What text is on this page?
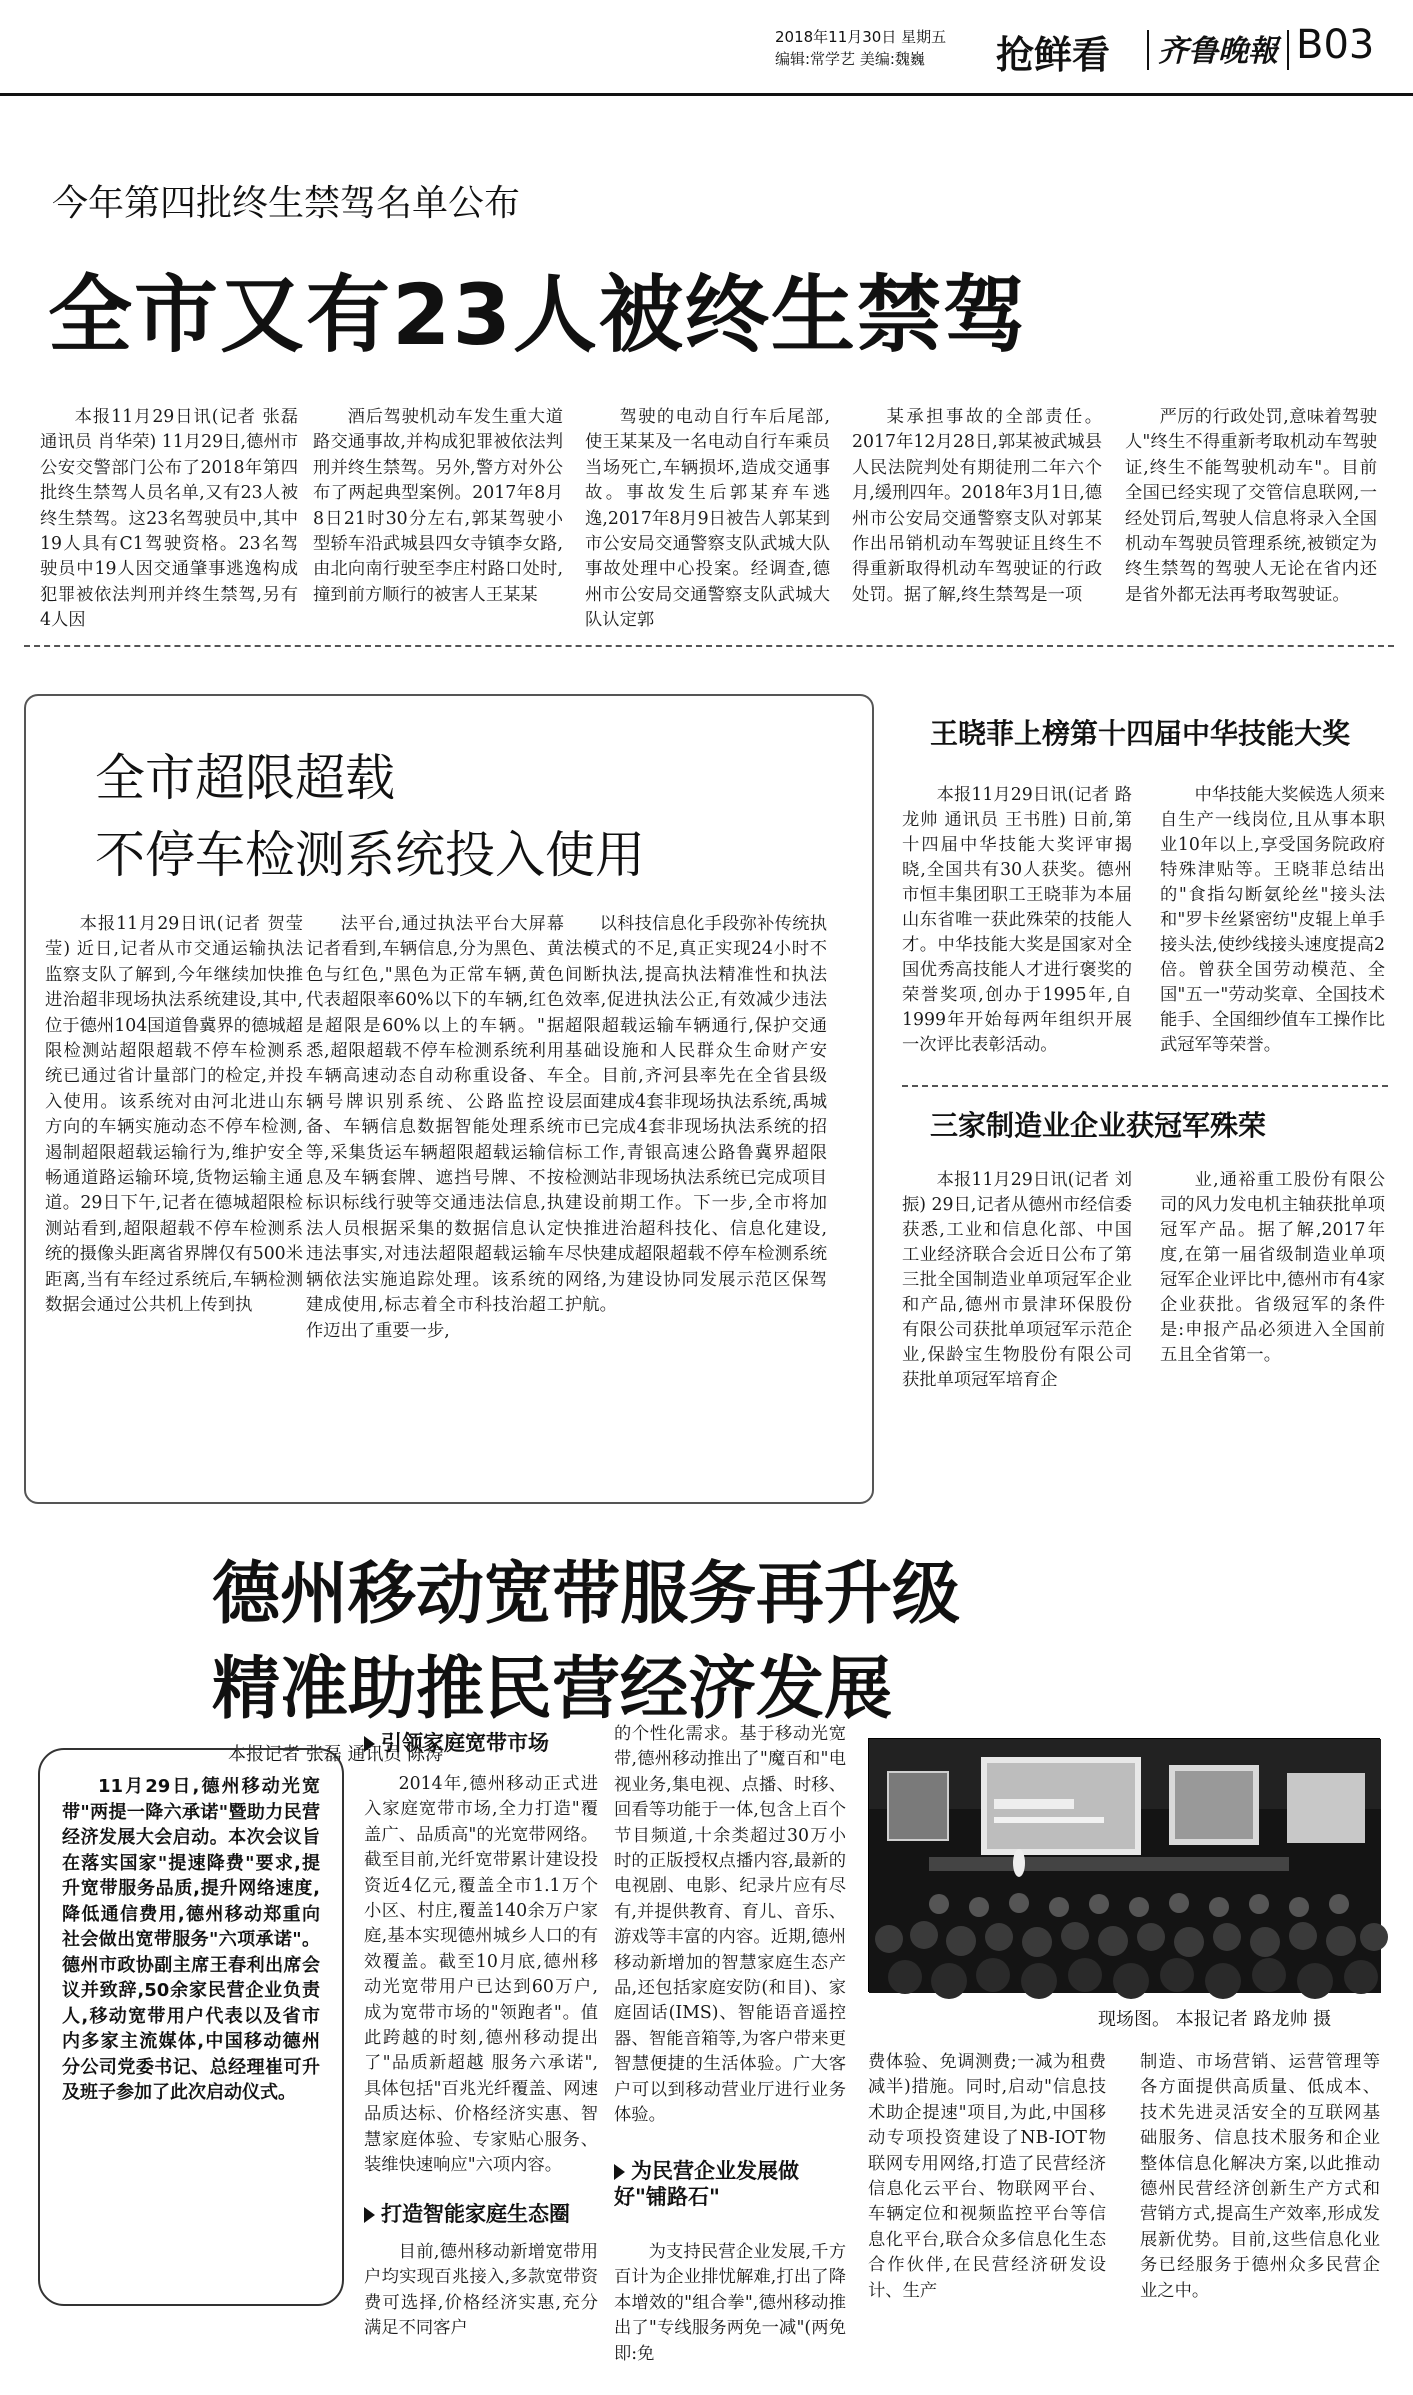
2018年11月30日 星期五
编辑:常学艺 美编:魏巍 抢鲜看 齐鲁晚報 B03
今年第四批终生禁驾名单公布
全市又有23人被终生禁驾
本报11月29日讯(记者 张磊 通讯员 肖华荣) 11月29日,德州市公安交警部门公布了2018年第四批终生禁驾人员名单,又有23人被终生禁驾。这23名驾驶员中,其中19人具有C1驾驶资格。23名驾驶员中19人因交通肇事逃逸构成犯罪被依法判刑并终生禁驾,另有4人因
酒后驾驶机动车发生重大道路交通事故,并构成犯罪被依法判刑并终生禁驾。另外,警方对外公布了两起典型案例。2017年8月8日21时30分左右,郭某驾驶小型轿车沿武城县四女寺镇李女路,由北向南行驶至李庄村路口处时,撞到前方顺行的被害人王某某
驾驶的电动自行车后尾部,使王某某及一名电动自行车乘员当场死亡,车辆损坏,造成交通事故。事故发生后郭某弃车逃逸,2017年8月9日被告人郭某到市公安局交通警察支队武城大队事故处理中心投案。经调查,德州市公安局交通警察支队武城大队认定郭
某承担事故的全部责任。2017年12月28日,郭某被武城县人民法院判处有期徒刑二年六个月,缓刑四年。2018年3月1日,德州市公安局交通警察支队对郭某作出吊销机动车驾驶证且终生不得重新取得机动车驾驶证的行政处罚。据了解,终生禁驾是一项
严厉的行政处罚,意味着驾驶人"终生不得重新考取机动车驾驶证,终生不能驾驶机动车"。目前全国已经实现了交管信息联网,一经处罚后,驾驶人信息将录入全国机动车驾驶员管理系统,被锁定为终生禁驾的驾驶人无论在省内还是省外都无法再考取驾驶证。
全市超限超载
不停车检测系统投入使用
本报11月29日讯(记者 贺莹莹) 近日,记者从市交通运输执法监察支队了解到,今年继续加快推进治超非现场执法系统建设,其中,位于德州104国道鲁冀界的德城超限检测站超限超载不停车检测系统已通过省计量部门的检定,并投入使用。该系统对由河北进山东方向的车辆实施动态不停车检测,遏制超限超载运输行为,维护安全畅通道路运输环境,货物运输主通道。29日下午,记者在德城超限检测站看到,超限超载不停车检测系统的摄像头距离省界牌仅有500米距离,当有车经过系统后,车辆检测数据会通过公共机上传到执
法平台,通过执法平台大屏幕记者看到,车辆信息,分为黑色、黄色与红色,"黑色为正常车辆,黄色代表超限率60%以下的车辆,红色是超限是60%以上的车辆。"据悉,超限超载不停车检测系统利用车辆高速动态自动称重设备、车辆号牌识别系统、公路监控设备、车辆信息数据智能处理系统等,采集货运车辆超限超载运输信息及车辆套牌、遮挡号牌、不按标识标线行驶等交通违法信息,执法人员根据采集的数据信息认定违法事实,对违法超限超载运输车辆依法实施追踪处理。该系统的建成使用,标志着全市科技治超工作迈出了重要一步,
以科技信息化手段弥补传统执法模式的不足,真正实现24小时不间断执法,提高执法精准性和执法效率,促进执法公正,有效减少违法超限超载运输车辆通行,保护交通基础设施和人民群众生命财产安全。目前,齐河县率先在全省县级层面建成4套非现场执法系统,禹城市已完成4套非现场执法系统的招标工作,青银高速公路鲁冀界超限检测站非现场执法系统已完成项目建设前期工作。下一步,全市将加快推进治超科技化、信息化建设,尽快建成超限超载不停车检测系统网络,为建设协同发展示范区保驾护航。
王晓菲上榜第十四届中华技能大奖
本报11月29日讯(记者 路龙帅 通讯员 王书胜) 日前,第十四届中华技能大奖评审揭晓,全国共有30人获奖。德州市恒丰集团职工王晓菲为本届山东省唯一获此殊荣的技能人才。中华技能大奖是国家对全国优秀高技能人才进行褒奖的荣誉奖项,创办于1995年,自1999年开始每两年组织开展一次评比表彰活动。
中华技能大奖候选人须来自生产一线岗位,且从事本职业10年以上,享受国务院政府特殊津贴等。王晓菲总结出的"食指勾断氨纶丝"接头法和"罗卡丝紧密纺"皮辊上单手接头法,使纱线接头速度提高2倍。曾获全国劳动模范、全国"五一"劳动奖章、全国技术能手、全国细纱值车工操作比武冠军等荣誉。
三家制造业企业获冠军殊荣
本报11月29日讯(记者 刘振) 29日,记者从德州市经信委获悉,工业和信息化部、中国工业经济联合会近日公布了第三批全国制造业单项冠军企业和产品,德州市景津环保股份有限公司获批单项冠军示范企业,保龄宝生物股份有限公司获批单项冠军培育企
业,通裕重工股份有限公司的风力发电机主轴获批单项冠军产品。据了解,2017年度,在第一届省级制造业单项冠军企业评比中,德州市有4家企业获批。省级冠军的条件是:申报产品必须进入全国前五且全省第一。
德州移动宽带服务再升级
精准助推民营经济发展
本报记者 张磊 通讯员 陈涛
11月29日,德州移动光宽带"两提一降六承诺"暨助力民营经济发展大会启动。本次会议旨在落实国家"提速降费"要求,提升宽带服务品质,提升网络速度,降低通信费用,德州移动郑重向社会做出宽带服务"六项承诺"。德州市政协副主席王春利出席会议并致辞,50余家民营企业负责人,移动宽带用户代表以及省市内多家主流媒体,中国移动德州分公司党委书记、总经理崔可升及班子参加了此次启动仪式。
引领家庭宽带市场
2014年,德州移动正式进入家庭宽带市场,全力打造"覆盖广、品质高"的光宽带网络。截至目前,光纤宽带累计建设投资近4亿元,覆盖全市1.1万个小区、村庄,覆盖140余万户家庭,基本实现德州城乡人口的有效覆盖。截至10月底,德州移动光宽带用户已达到60万户,成为宽带市场的"领跑者"。值此跨越的时刻,德州移动提出了"品质新超越 服务六承诺",具体包括"百兆光纤覆盖、网速品质达标、价格经济实惠、智慧家庭体验、专家贴心服务、装维快速响应"六项内容。
打造智能家庭生态圈
目前,德州移动新增宽带用户均实现百兆接入,多款宽带资费可选择,价格经济实惠,充分满足不同客户
的个性化需求。基于移动光宽带,德州移动推出了"魔百和"电视业务,集电视、点播、时移、回看等功能于一体,包含上百个节目频道,十余类超过30万小时的正版授权点播内容,最新的电视剧、电影、纪录片应有尽有,并提供教育、育儿、音乐、游戏等丰富的内容。近期,德州移动新增加的智慧家庭生态产品,还包括家庭安防(和目)、家庭固话(IMS)、智能语音遥控器、智能音箱等,为客户带来更智慧便捷的生活体验。广大客户可以到移动营业厅进行业务体验。
为民营企业发展做好"铺路石"
为支持民营企业发展,千方百计为企业排忧解难,打出了降本增效的"组合拳",德州移动推出了"专线服务两免一减"(两免即:免
现场图。 本报记者 路龙帅 摄
费体验、免调测费;一减为租费减半)措施。同时,启动"信息技术助企提速"项目,为此,中国移动专项投资建设了NB-IOT物联网专用网络,打造了民营经济信息化云平台、物联网平台、车辆定位和视频监控平台等信息化平台,联合众多信息化生态合作伙伴,在民营经济研发设计、生产
制造、市场营销、运营管理等各方面提供高质量、低成本、技术先进灵活安全的互联网基础服务、信息技术服务和企业整体信息化解决方案,以此推动德州民营经济创新生产方式和营销方式,提高生产效率,形成发展新优势。目前,这些信息化业务已经服务于德州众多民营企业之中。
